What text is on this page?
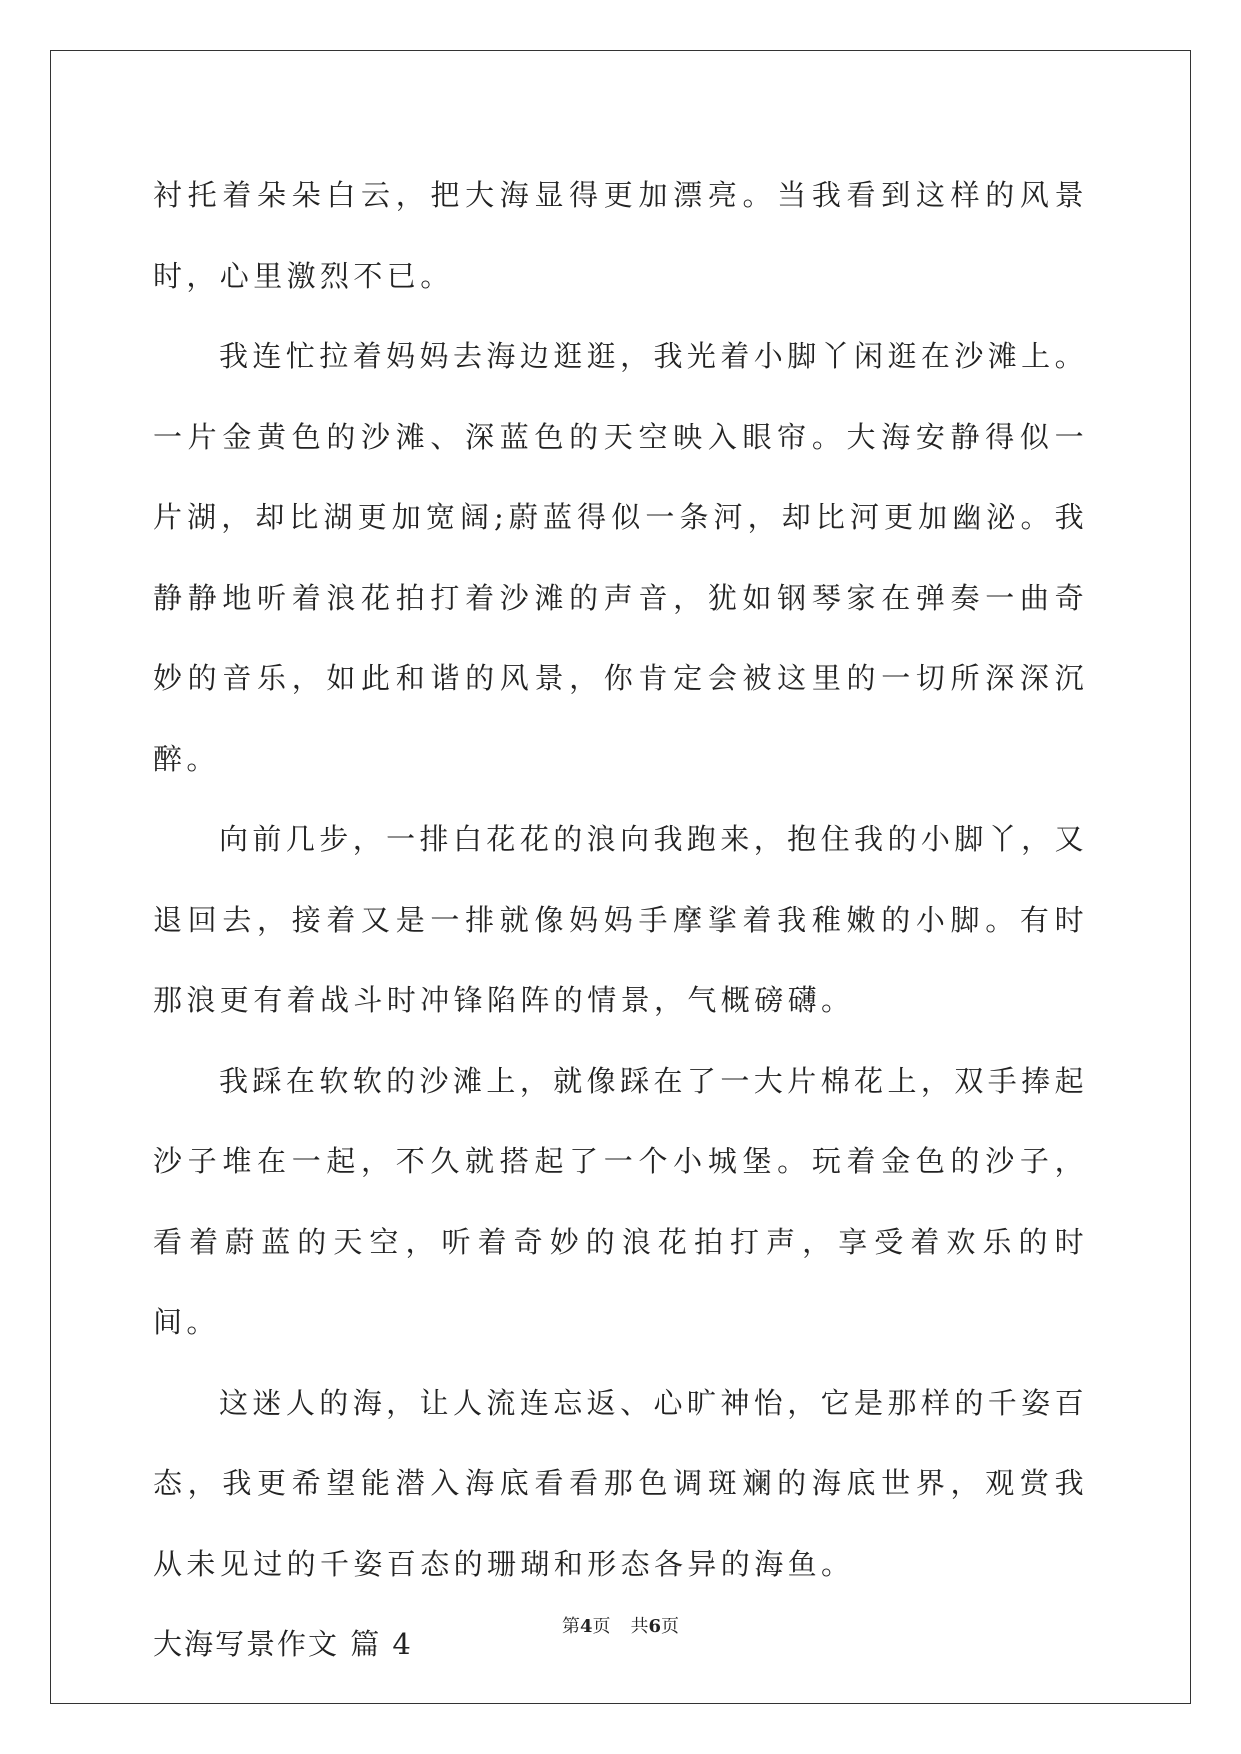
衬托着朵朵白云，把大海显得更加漂亮。当我看到这样的风景时，心里激烈不已。

我连忙拉着妈妈去海边逛逛，我光着小脚丫闲逛在沙滩上。一片金黄色的沙滩、深蓝色的天空映入眼帘。大海安静得似一片湖，却比湖更加宽阔;蔚蓝得似一条河，却比河更加幽泌。我静静地听着浪花拍打着沙滩的声音，犹如钢琴家在弹奏一曲奇妙的音乐，如此和谐的风景，你肯定会被这里的一切所深深沉醉。

向前几步，一排白花花的浪向我跑来，抱住我的小脚丫，又退回去，接着又是一排就像妈妈手摩挲着我稚嫩的小脚。有时那浪更有着战斗时冲锋陷阵的情景，气概磅礴。

我踩在软软的沙滩上，就像踩在了一大片棉花上，双手捧起沙子堆在一起，不久就搭起了一个小城堡。玩着金色的沙子，看着蔚蓝的天空，听着奇妙的浪花拍打声，享受着欢乐的时间。

这迷人的海，让人流连忘返、心旷神怡，它是那样的千姿百态，我更希望能潜入海底看看那色调斑斓的海底世界，观赏我从未见过的千姿百态的珊瑚和形态各异的海鱼。

大海写景作文 篇 4

第4页 共6页
